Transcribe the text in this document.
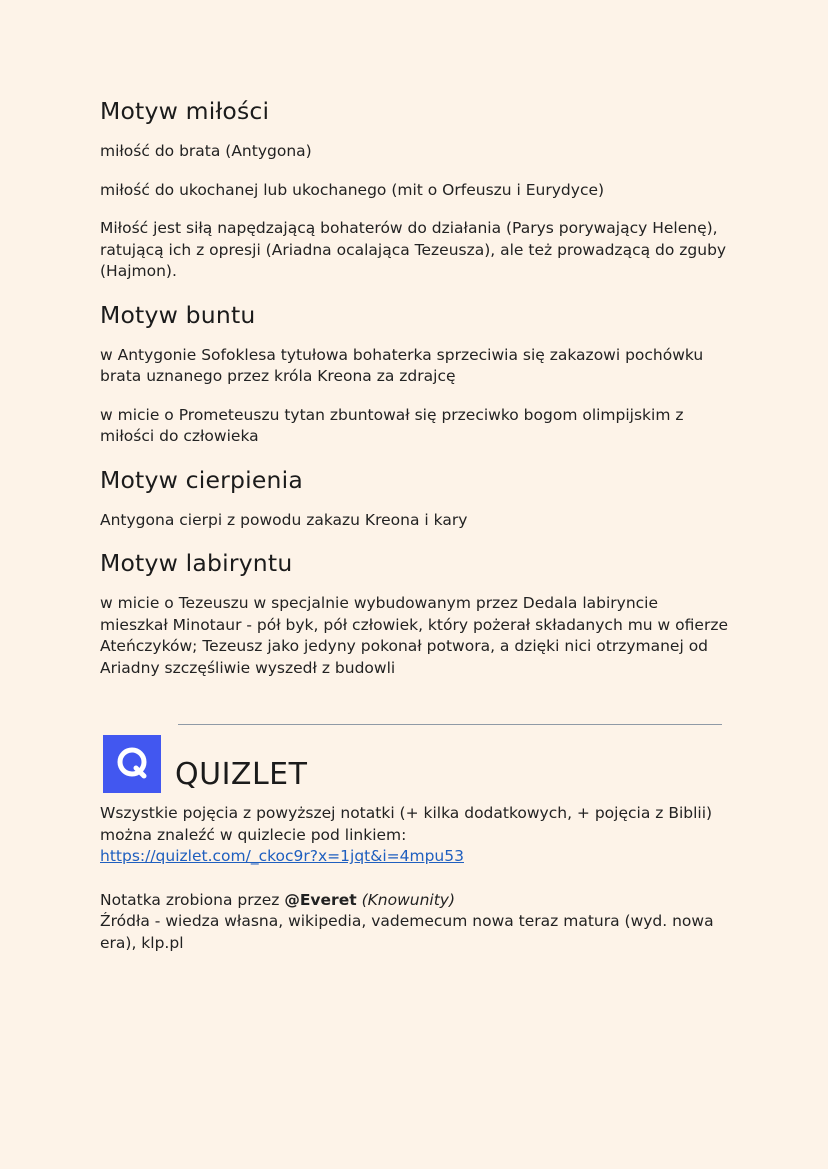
Motyw miłości

miłość do brata (Antygona)

miłość do ukochanej lub ukochanego (mit o Orfeuszu i Eurydyce)

Miłość jest siłą napędzającą bohaterów do działania (Parys porywający Helenę), ratującą ich z opresji (Ariadna ocalająca Tezeusza), ale też prowadzącą do zguby (Hajmon).

Motyw buntu

w Antygonie Sofoklesa tytułowa bohaterka sprzeciwia się zakazowi pochówku brata uznanego przez króla Kreona za zdrajcę

w micie o Prometeuszu tytan zbuntował się przeciwko bogom olimpijskim z miłości do człowieka

Motyw cierpienia

Antygona cierpi z powodu zakazu Kreona i kary

Motyw labiryntu

w micie o Tezeuszu w specjalnie wybudowanym przez Dedala labiryncie mieszkał Minotaur - pół byk, pół człowiek, który pożerał składanych mu w ofierze Ateńczyków; Tezeusz jako jedyny pokonał potwora, a dzięki nici otrzymanej od Ariadny szczęśliwie wyszedł z budowli

QUIZLET
Wszystkie pojęcia z powyższej notatki (+ kilka dodatkowych, + pojęcia z Biblii) można znaleźć w quizlecie pod linkiem:
https://quizlet.com/_ckoc9r?x=1jqt&i=4mpu53
Notatka zrobiona przez @Everet (Knowunity)
Źródła - wiedza własna, wikipedia, vademecum nowa teraz matura (wyd. nowa era), klp.pl
